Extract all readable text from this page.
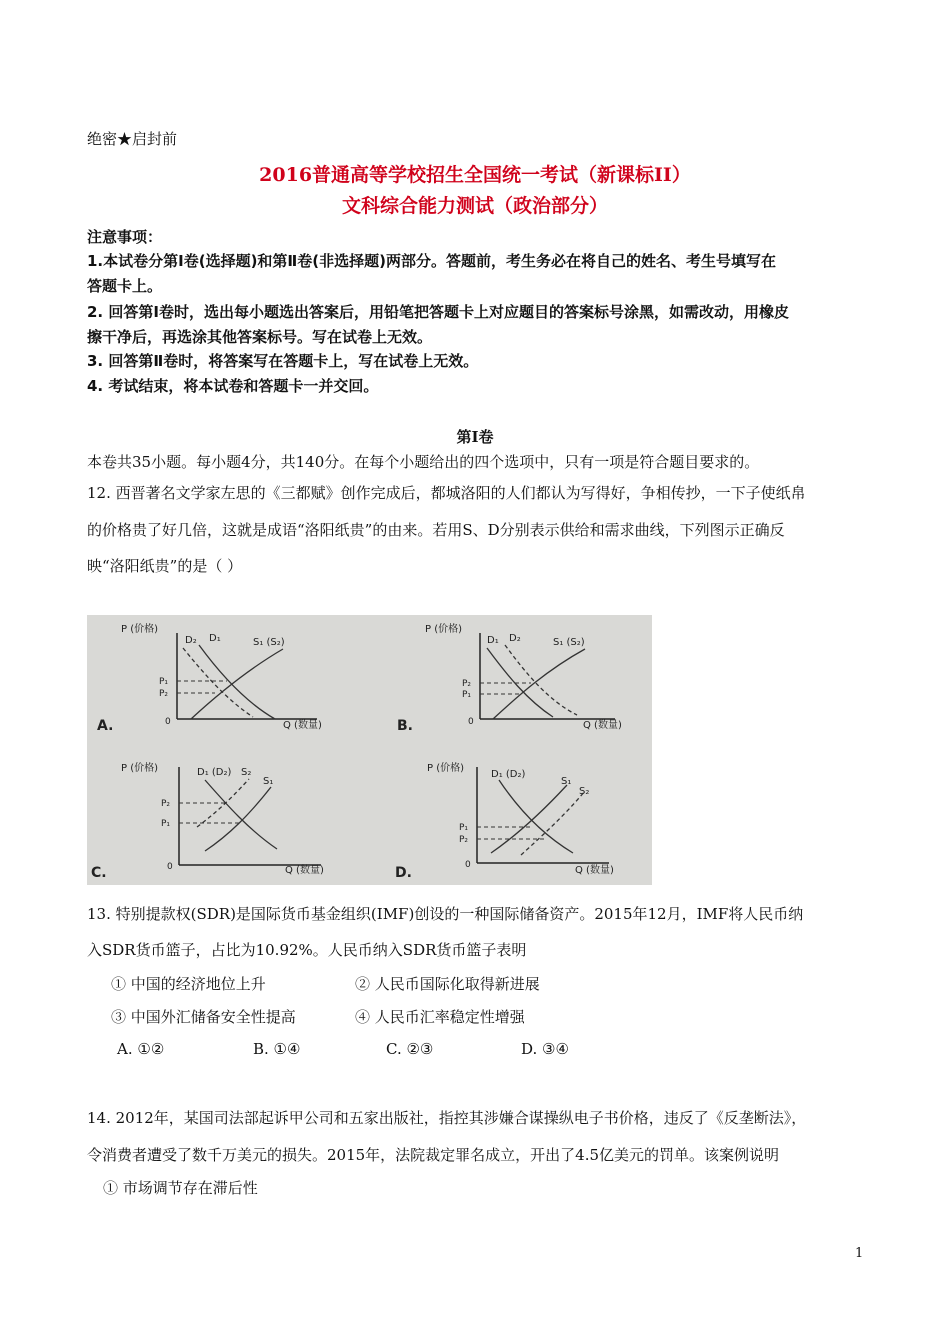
绝密★启封前

2016普通高等学校招生全国统一考试（新课标II）
文科综合能力测试（政治部分）

注意事项：

1.本试卷分第Ⅰ卷(选择题)和第Ⅱ卷(非选择题)两部分。答题前，考生务必在将自己的姓名、考生号填写在

答题卡上。

2. 回答第Ⅰ卷时，选出每小题选出答案后，用铅笔把答题卡上对应题目的答案标号涂黑，如需改动，用橡皮

擦干净后，再选涂其他答案标号。写在试卷上无效。

3. 回答第Ⅱ卷时，将答案写在答题卡上，写在试卷上无效。

4. 考试结束，将本试卷和答题卡一并交回。

第Ⅰ卷

本卷共35小题。每小题4分，共140分。在每个小题给出的四个选项中，只有一项是符合题目要求的。

12. 西晋著名文学家左思的《三都赋》创作完成后，都城洛阳的人们都认为写得好，争相传抄，一下子使纸帛

的价格贵了好几倍，这就是成语“洛阳纸贵”的由来。若用S、D分别表示供给和需求曲线，下列图示正确反

映“洛阳纸贵”的是（ ）

P (价格)
Q (数量)
0
D₂ D₁	S₁ (S₂)
P₁
P₂
A.
P (价格)
Q (数量)
0
D₁ D₂	S₁ (S₂)
P₂
P₁
B.
P (价格)
Q (数量)
0
D₁ (D₂) S₂
S₁
P₂
P₁
C.
P (价格)
Q (数量)
0
D₁ (D₂)
S₁
S₂
P₁
P₂
D.

13. 特别提款权(SDR)是国际货币基金组织(IMF)创设的一种国际储备资产。2015年12月，IMF将人民币纳

入SDR货币篮子，占比为10.92%。人民币纳入SDR货币篮子表明

① 中国的经济地位上升	② 人民币国际化取得新进展

③ 中国外汇储备安全性提高	④ 人民币汇率稳定性增强

A. ①②	B. ①④	C. ②③	D. ③④

14. 2012年，某国司法部起诉甲公司和五家出版社，指控其涉嫌合谋操纵电子书价格，违反了《反垄断法》，

令消费者遭受了数千万美元的损失。2015年，法院裁定罪名成立，开出了4.5亿美元的罚单。该案例说明

① 市场调节存在滞后性

1
